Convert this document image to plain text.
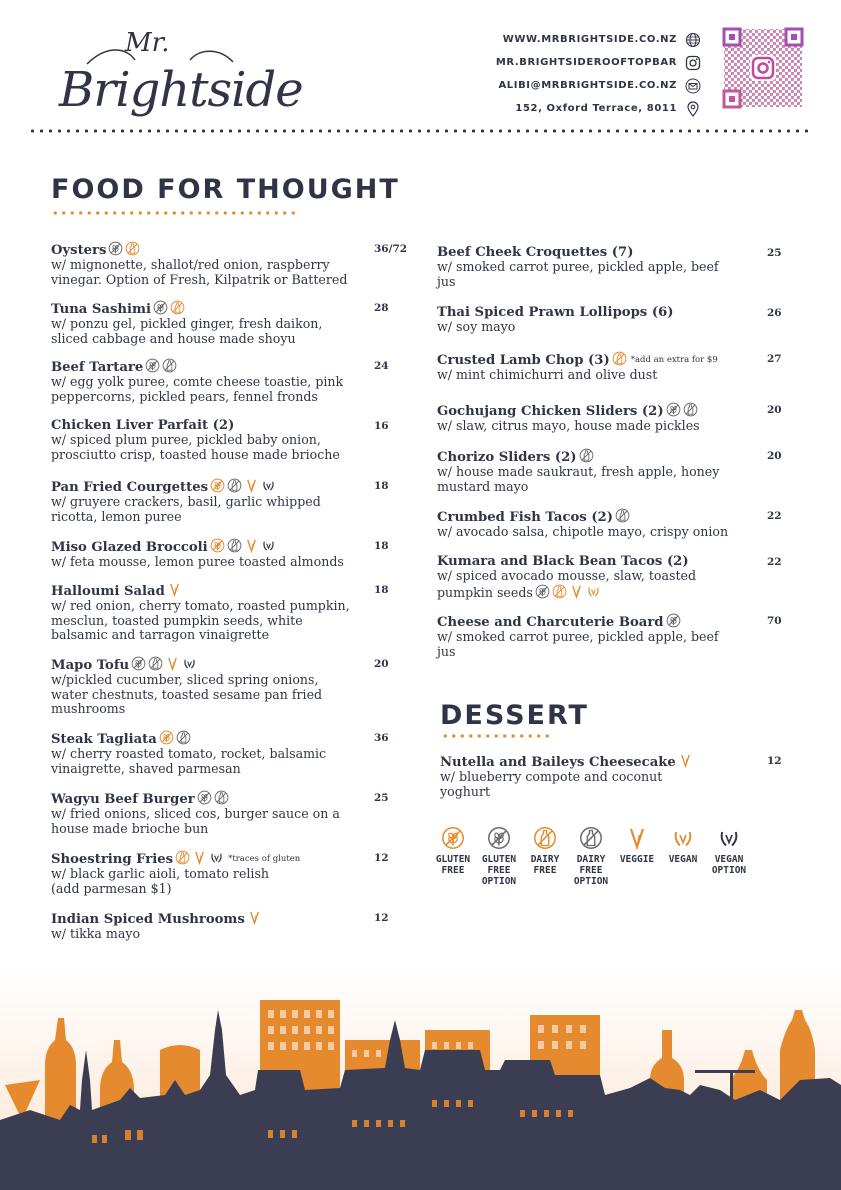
Mr.
Brightside
WWW.MRBRIGHTSIDE.CO.NZ
MR.BRIGHTSIDEROOFTOPBAR
ALIBI@MRBRIGHTSIDE.CO.NZ
152, Oxford Terrace, 8011
FOOD FOR THOUGHT
Oysters
w/ mignonette, shallot/red onion, raspberry
vinegar. Option of Fresh, Kilpatrik or Battered
36/72
Tuna Sashimi
w/ ponzu gel, pickled ginger, fresh daikon,
sliced cabbage and house made shoyu
28
Beef Tartare
w/ egg yolk puree, comte cheese toastie, pink
peppercorns, pickled pears, fennel fronds
24
Chicken Liver Parfait (2)
w/ spiced plum puree, pickled baby onion,
prosciutto crisp, toasted house made brioche
16
Pan Fried Courgettes
w/ gruyere crackers, basil, garlic whipped
ricotta, lemon puree
18
Miso Glazed Broccoli
w/ feta mousse, lemon puree toasted almonds
18
Halloumi Salad
w/ red onion, cherry tomato, roasted pumpkin,
mesclun, toasted pumpkin seeds, white
balsamic and tarragon vinaigrette
18
Mapo Tofu
w/pickled cucumber, sliced spring onions,
water chestnuts, toasted sesame pan fried
mushrooms
20
Steak Tagliata
w/ cherry roasted tomato, rocket, balsamic
vinaigrette, shaved parmesan
36
Wagyu Beef Burger
w/ fried onions, sliced cos, burger sauce on a
house made brioche bun
25
Shoestring Fries	*traces of gluten
w/ black garlic aioli, tomato relish
(add parmesan $1)
12
Indian Spiced Mushrooms
w/ tikka mayo
12
Beef Cheek Croquettes (7)
w/ smoked carrot puree, pickled apple, beef
jus
25
Thai Spiced Prawn Lollipops (6)
w/ soy mayo
26
Crusted Lamb Chop (3) *add an extra for $9
w/ mint chimichurri and olive dust
27
Gochujang Chicken Sliders (2)
w/ slaw, citrus mayo, house made pickles
20
Chorizo Sliders (2)
w/ house made saukraut, fresh apple, honey
mustard mayo
20
Crumbed Fish Tacos (2)
w/ avocado salsa, chipotle mayo, crispy onion
22
Kumara and Black Bean Tacos (2)
w/ spiced avocado mousse, slaw, toasted
pumpkin seeds
22
Cheese and Charcuterie Board
w/ smoked carrot puree, pickled apple, beef
jus
70
DESSERT
Nutella and Baileys Cheesecake
w/ blueberry compote and coconut
yoghurt
12
GLUTEN
FREE
GLUTEN
FREE
OPTION
DAIRY
FREE
DAIRY
FREE
OPTION
VEGGIE	VEGAN	VEGAN
OPTION
